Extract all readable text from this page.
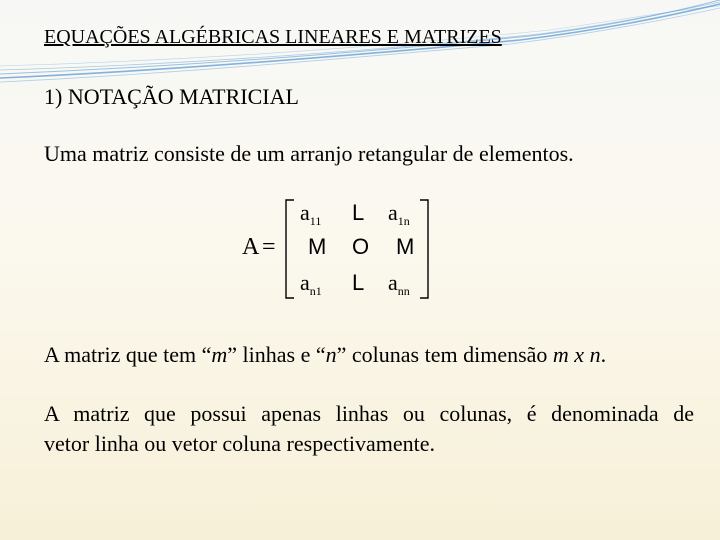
EQUAÇÕES ALGÉBRICAS LINEARES E MATRIZES
1) NOTAÇÃO MATRICIAL
Uma matriz consiste de um arranjo retangular de elementos.
A =
$a_{11}$ L $a_{1n}$
M O M
$a_{n1}$ L $a_{nn}$
A matriz que tem “m” linhas e “n” colunas tem dimensão m x n.
A matriz que possui apenas linhas ou colunas, é denominada de
vetor linha ou vetor coluna respectivamente.
